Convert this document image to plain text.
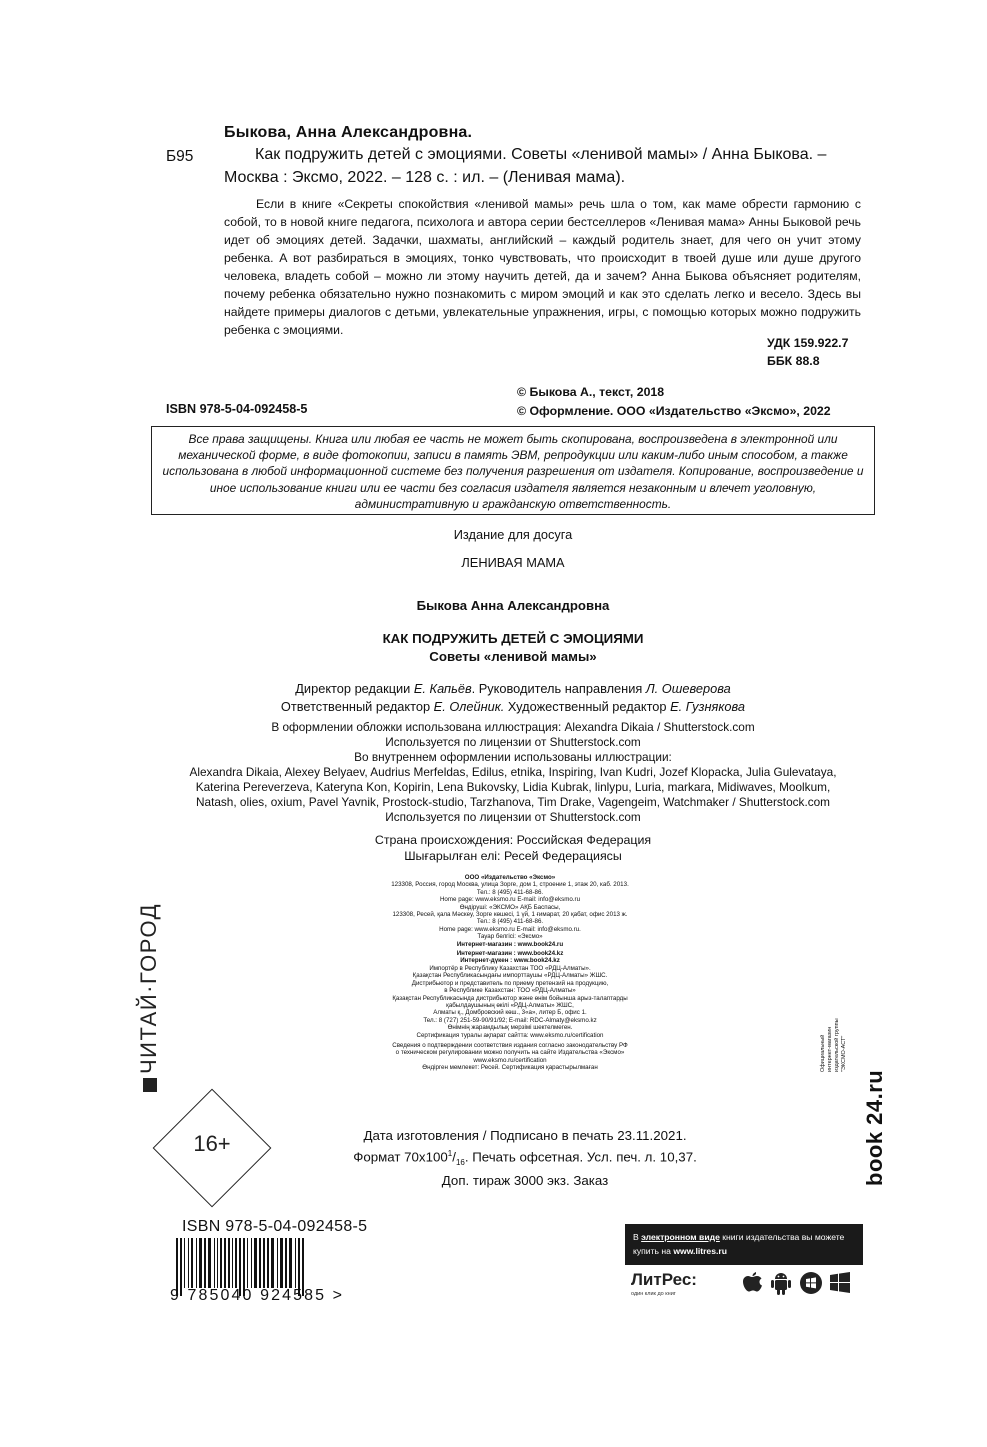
Быкова, Анна Александровна.
Б95	Как подружить детей с эмоциями. Советы «ленивой мамы» / Анна Быкова. –
Москва : Эксмо, 2022. – 128 с. : ил. – (Ленивая мама).

Если в книге «Секреты спокойствия «ленивой мамы» речь шла о том, как маме обрести гармонию с собой, то в новой книге педагога, психолога и автора серии бестселлеров «Ленивая мама» Анны Быковой речь идет об эмоциях детей. Задачки, шахматы, английский – каждый родитель знает, для чего он учит этому ребенка. А вот разбираться в эмоциях, тонко чувствовать, что происходит в твоей душе или душе другого человека, владеть собой – можно ли этому научить детей, да и зачем? Анна Быкова объясняет родителям, почему ребенка обязательно нужно познакомить с миром эмоций и как это сделать легко и весело. Здесь вы найдете примеры диалогов с детьми, увлекательные упражнения, игры, с помощью которых можно подружить ребенка с эмоциями.

УДК 159.922.7
ББК 88.8
ISBN 978-5-04-092458-5
© Быкова А., текст, 2018
© Оформление. ООО «Издательство «Эксмо», 2022
Все права защищены. Книга или любая ее часть не может быть скопирована, воспроизведена в электронной или механической форме, в виде фотокопии, записи в память ЭВМ, репродукции или каким-либо иным способом, а также использована в любой информационной системе без получения разрешения от издателя. Копирование, воспроизведение и иное использование книги или ее части без согласия издателя является незаконным и влечет уголовную, административную и гражданскую ответственность.
Издание для досуга
ЛЕНИВАЯ МАМА
Быкова Анна Александровна
КАК ПОДРУЖИТЬ ДЕТЕЙ С ЭМОЦИЯМИ
Советы «ленивой мамы»
Директор редакции Е. Капьёв. Руководитель направления Л. Ошеверова
Ответственный редактор Е. Олейник. Художественный редактор Е. Гузнякова
В оформлении обложки использована иллюстрация: Alexandra Dikaia / Shutterstock.com
Используется по лицензии от Shutterstock.com
Во внутреннем оформлении использованы иллюстрации:
Alexandra Dikaia, Alexey Belyaev, Audrius Merfeldas, Edilus, etnika, Inspiring, Ivan Kudri, Jozef Klopacka, Julia Gulevataya,
Katerina Pereverzeva, Kateryna Kon, Kopirin, Lena Bukovsky, Lidia Kubrak, linlypu, Luria, markara, Midiwaves, Moolkum,
Natash, olies, oxium, Pavel Yavnik, Prostock-studio, Tarzhanova, Tim Drake, Vagengeim, Watchmaker / Shutterstock.com
Используется по лицензии от Shutterstock.com
Страна происхождения: Российская Федерация
Шығарылған елі: Ресей Федерациясы
ООО «Издательство «Эксмо»
123308, Россия, город Москва, улица Зорге, дом 1, строение 1, этаж 20, каб. 2013.
Тел.: 8 (495) 411-68-86.
Home page: www.eksmo.ru E-mail: info@eksmo.ru
Өндіруші: «ЭКСМО» АҚБ Баспасы,
123308, Ресей, қала Мәскеу, Зорге көшесі, 1 үй, 1 ғимарат, 20 қабат, офис 2013 ж.
Тел.: 8 (495) 411-68-86.
Home page: www.eksmo.ru E-mail: info@eksmo.ru.
Тауар белгісі: «Эксмо»
Интернет-магазин : www.book24.ru
Интернет-магазин : www.book24.kz
Интернет-дүкен : www.book24.kz
Импортёр в Республику Казахстан ТОО «РДЦ-Алматы».
Қазақстан Республикасындағы импорттаушы «РДЦ-Алматы» ЖШС.
Дистрибьютор и представитель по приему претензий на продукцию,
в Республике Казахстан: ТОО «РДЦ-Алматы»
Қазақстан Республикасында дистрибьютор және өнім бойынша арыз-талаптарды
қабылдаушының өкілі «РДЦ-Алматы» ЖШС,
Алматы қ., Домбровский көш., 3«а», литер Б, офис 1.
Тел.: 8 (727) 251-59-90/91/92; E-mail: RDC-Almaty@eksmo.kz
Өнімнің жарамдылық мерзімі шектелмеген.
Сертификация туралы ақпарат сайтта: www.eksmo.ru/certification
Сведения о подтверждении соответствия издания согласно законодательству РФ
о техническом регулировании можно получить на сайте Издательства «Эксмо»
www.eksmo.ru/certification
Өндірген мемлекет: Ресей. Сертификация қарастырылмаған
Дата изготовления / Подписано в печать 23.11.2021.
Формат $70x100^1/_{16}$. Печать офсетная. Усл. печ. л. 10,37.
Доп. тираж 3000 экз. Заказ
ЧИТАЙ·ГОРОД
16+
Официальный интернет-магазин издательской группы "ЭКСМО-АСТ"
book 24.ru
ISBN 978-5-04-092458-5
9 785040 924585 >
В электронном виде книги издательства вы можете
купить на www.litres.ru
ЛитРес:
один клик до книг
